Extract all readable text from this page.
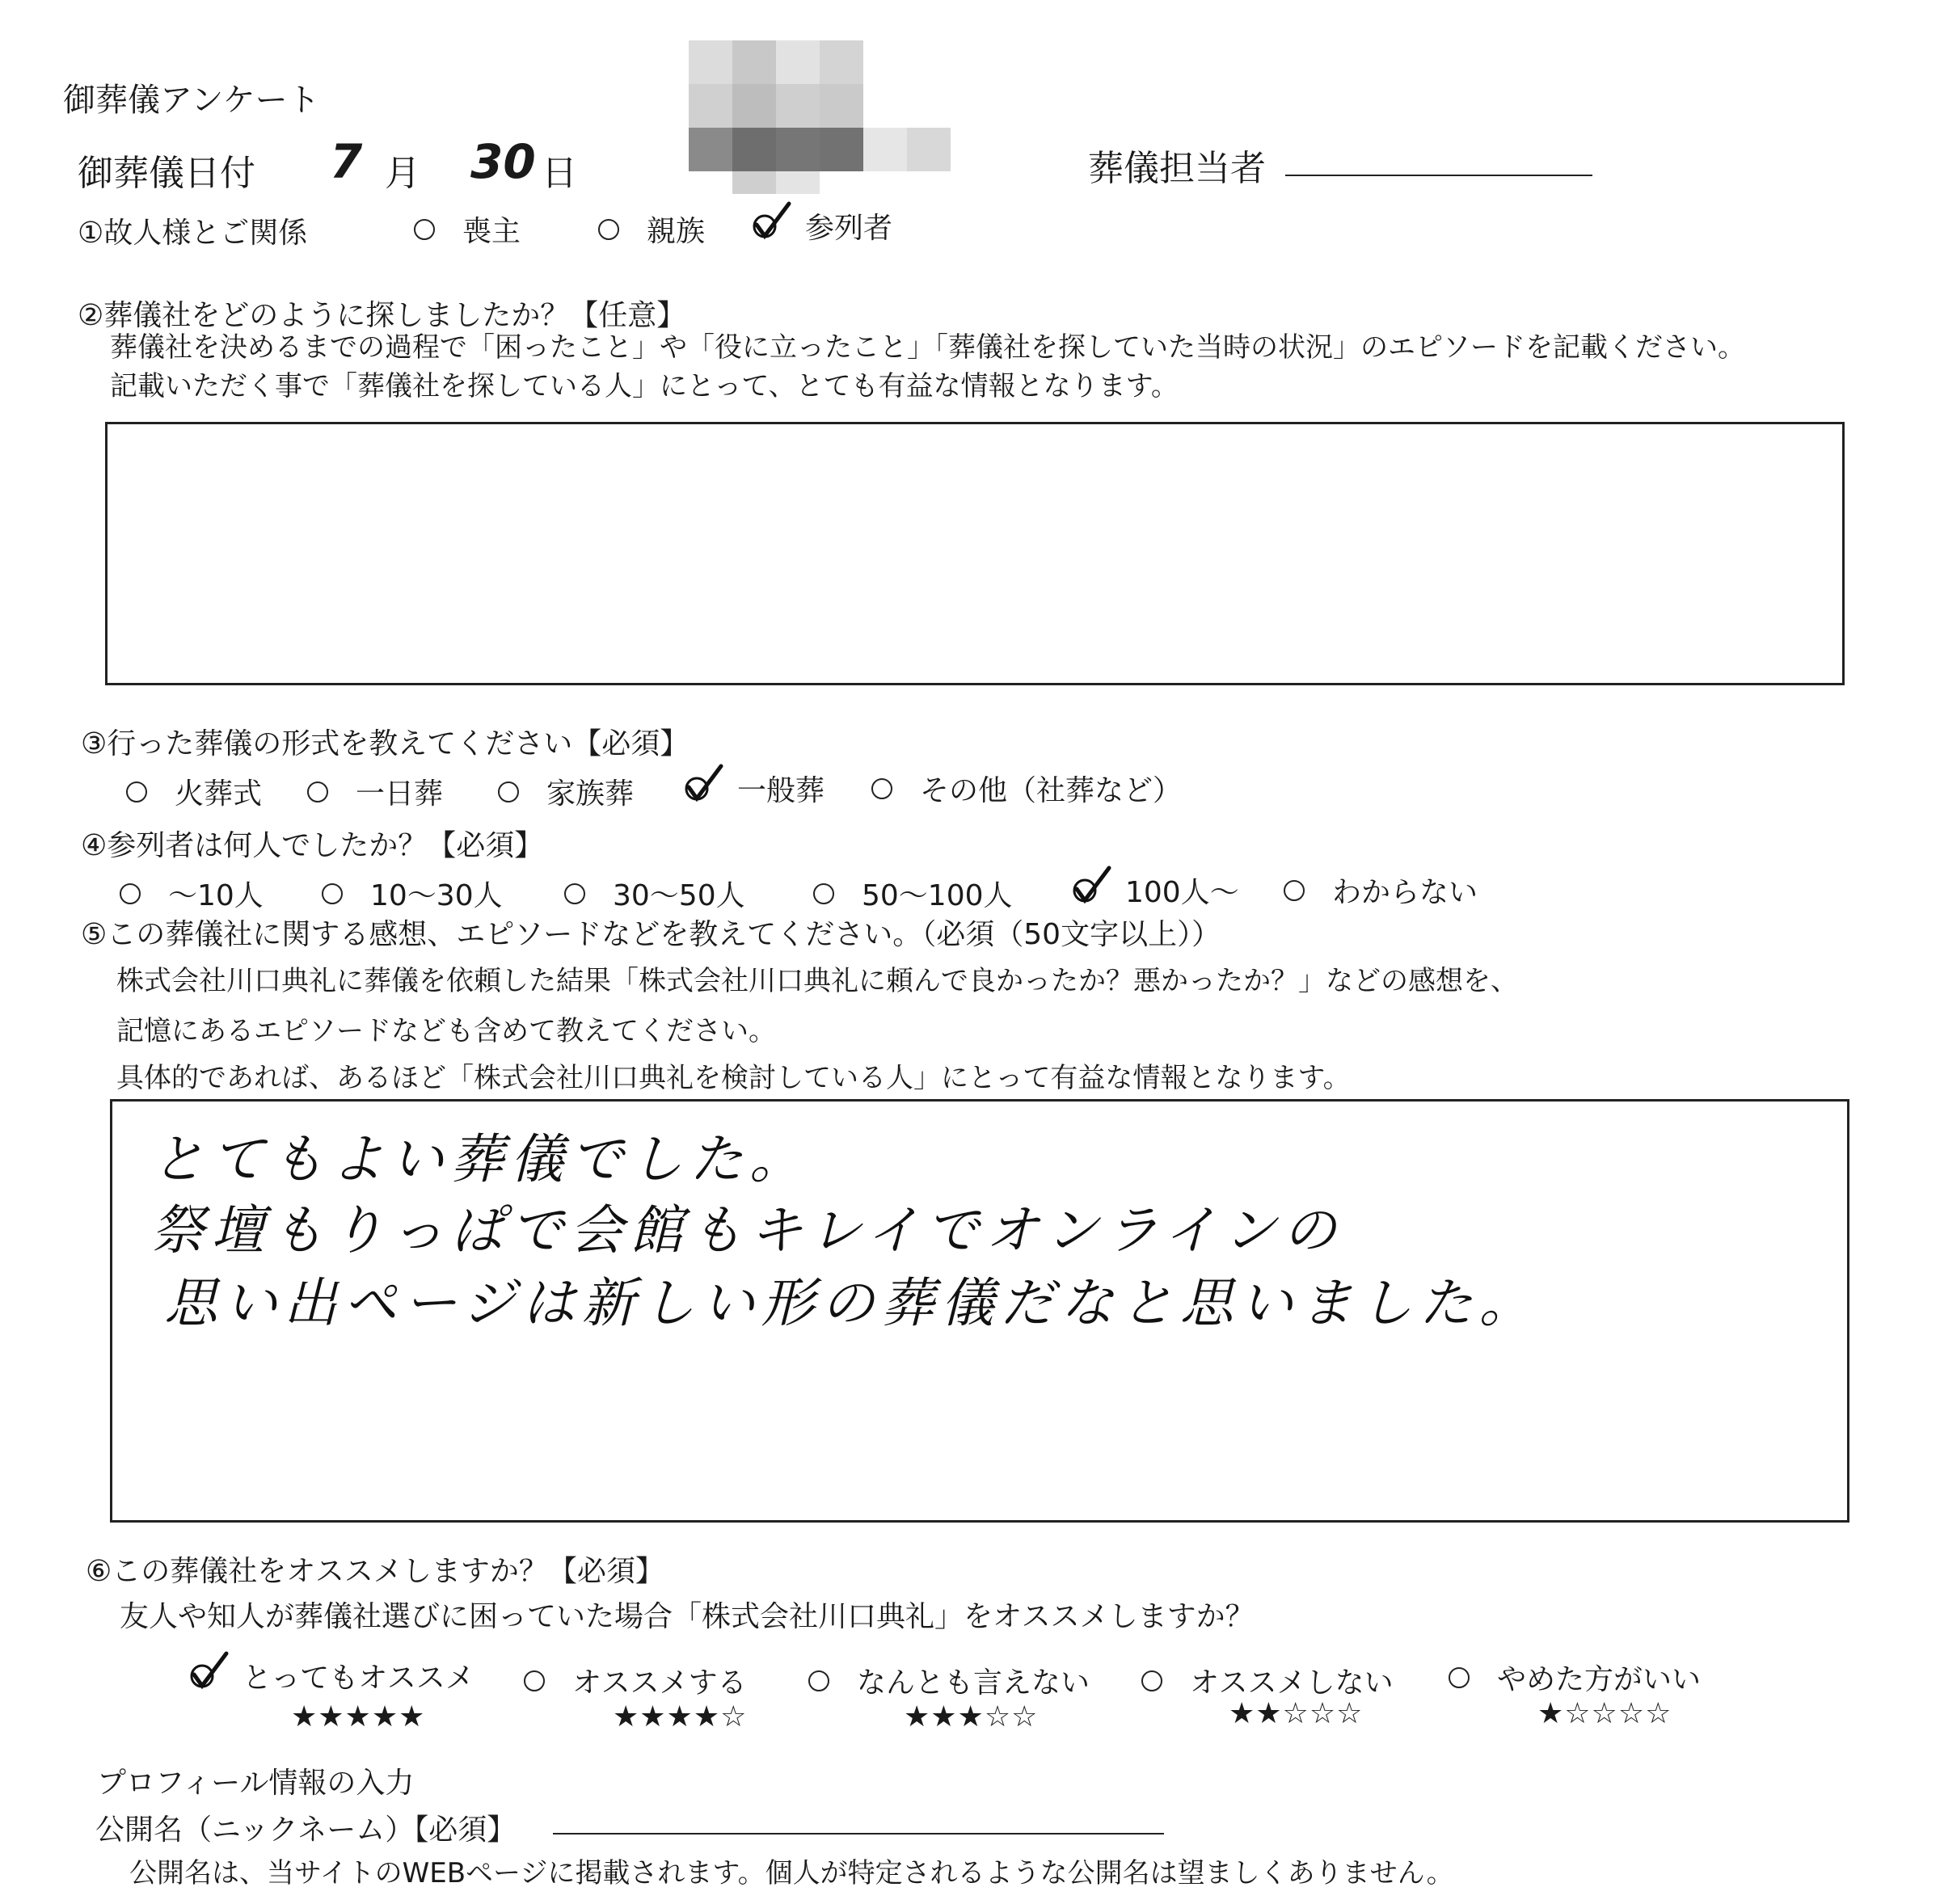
御葬儀アンケート
御葬儀日付 7 月 30 日	葬儀担当者
①故人様とご関係	喪主	親族	参列者
②葬儀社をどのように探しましたか？【任意】
葬儀社を決めるまでの過程で「困ったこと」や「役に立ったこと」「葬儀社を探していた当時の状況」のエピソードを記載ください。
記載いただく事で「葬儀社を探している人」にとって、とても有益な情報となります。
③行った葬儀の形式を教えてください【必須】
火葬式	一日葬	家族葬	一般葬	その他（社葬など）
④参列者は何人でしたか？【必須】
～10人	10～30人	30～50人	50～100人	100人～	わからない
⑤この葬儀社に関する感想、エピソードなどを教えてください。（必須（50文字以上））
株式会社川口典礼に葬儀を依頼した結果「株式会社川口典礼に頼んで良かったか？悪かったか？」などの感想を、
記憶にあるエピソードなども含めて教えてください。
具体的であれば、あるほど「株式会社川口典礼を検討している人」にとって有益な情報となります。
とてもよい葬儀でした。
祭壇もりっぱで会館もキレイでオンラインの
思い出ページは新しい形の葬儀だなと思いました。
⑥この葬儀社をオススメしますか？【必須】
友人や知人が葬儀社選びに困っていた場合「株式会社川口典礼」をオススメしますか？
とってもオススメ
★★★★★
オススメする
★★★★☆
なんとも言えない
★★★☆☆
オススメしない
★★☆☆☆
やめた方がいい
★☆☆☆☆
プロフィール情報の入力
公開名（ニックネーム）【必須】
公開名は、当サイトのWEBページに掲載されます。個人が特定されるような公開名は望ましくありません。
